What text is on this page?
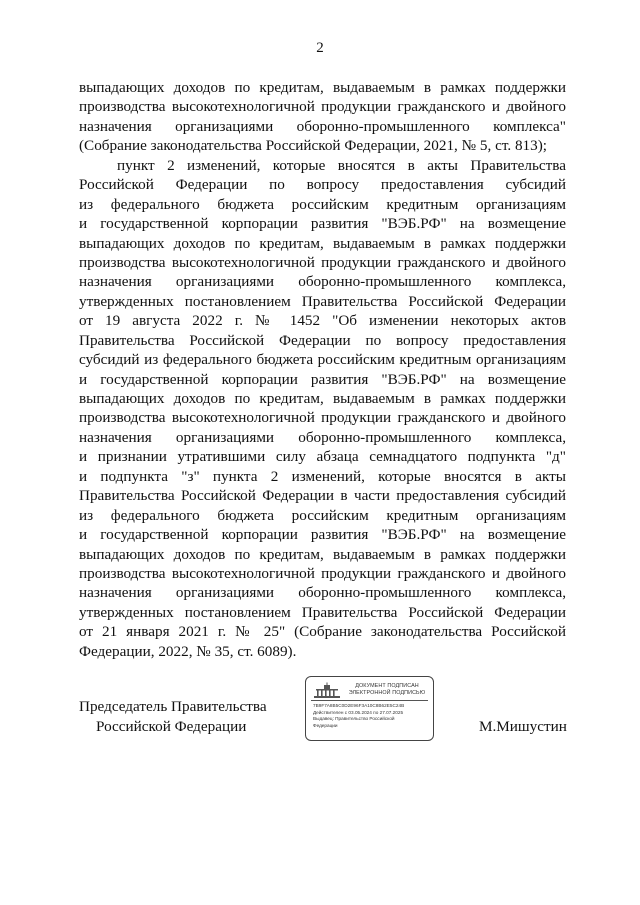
2
выпадающих доходов по кредитам, выдаваемым в рамках поддержки
производства высокотехнологичной продукции гражданского и двойного
назначения организациями оборонно-промышленного комплекса"
(Собрание законодательства Российской Федерации, 2021, № 5, ст. 813);
пункт 2 изменений, которые вносятся в акты Правительства
Российской Федерации по вопросу предоставления субсидий
из федерального бюджета российским кредитным организациям
и государственной корпорации развития "ВЭБ.РФ" на возмещение
выпадающих доходов по кредитам, выдаваемым в рамках поддержки
производства высокотехнологичной продукции гражданского и двойного
назначения организациями оборонно-промышленного комплекса,
утвержденных постановлением Правительства Российской Федерации
от 19 августа 2022 г. № 1452 "Об изменении некоторых актов
Правительства Российской Федерации по вопросу предоставления
субсидий из федерального бюджета российским кредитным организациям
и государственной корпорации развития "ВЭБ.РФ" на возмещение
выпадающих доходов по кредитам, выдаваемым в рамках поддержки
производства высокотехнологичной продукции гражданского и двойного
назначения организациями оборонно-промышленного комплекса,
и признании утратившими силу абзаца семнадцатого подпункта "д"
и подпункта "з" пункта 2 изменений, которые вносятся в акты
Правительства Российской Федерации в части предоставления субсидий
из федерального бюджета российским кредитным организациям
и государственной корпорации развития "ВЭБ.РФ" на возмещение
выпадающих доходов по кредитам, выдаваемым в рамках поддержки
производства высокотехнологичной продукции гражданского и двойного
назначения организациями оборонно-промышленного комплекса,
утвержденных постановлением Правительства Российской Федерации
от 21 января 2021 г. № 25" (Собрание законодательства Российской
Федерации, 2022, № 35, ст. 6089).
Председатель Правительства
Российской Федерации
ДОКУМЕНТ ПОДПИСАН
ЭЛЕКТРОННОЙ ПОДПИСЬЮ
7B9F7A8B5C0D2E96F3A10C8B62E5C24B
Действителен с 03.05.2024 по 27.07.2025
Выдавец: Правительство Российской
Федерации	М.Мишустин
